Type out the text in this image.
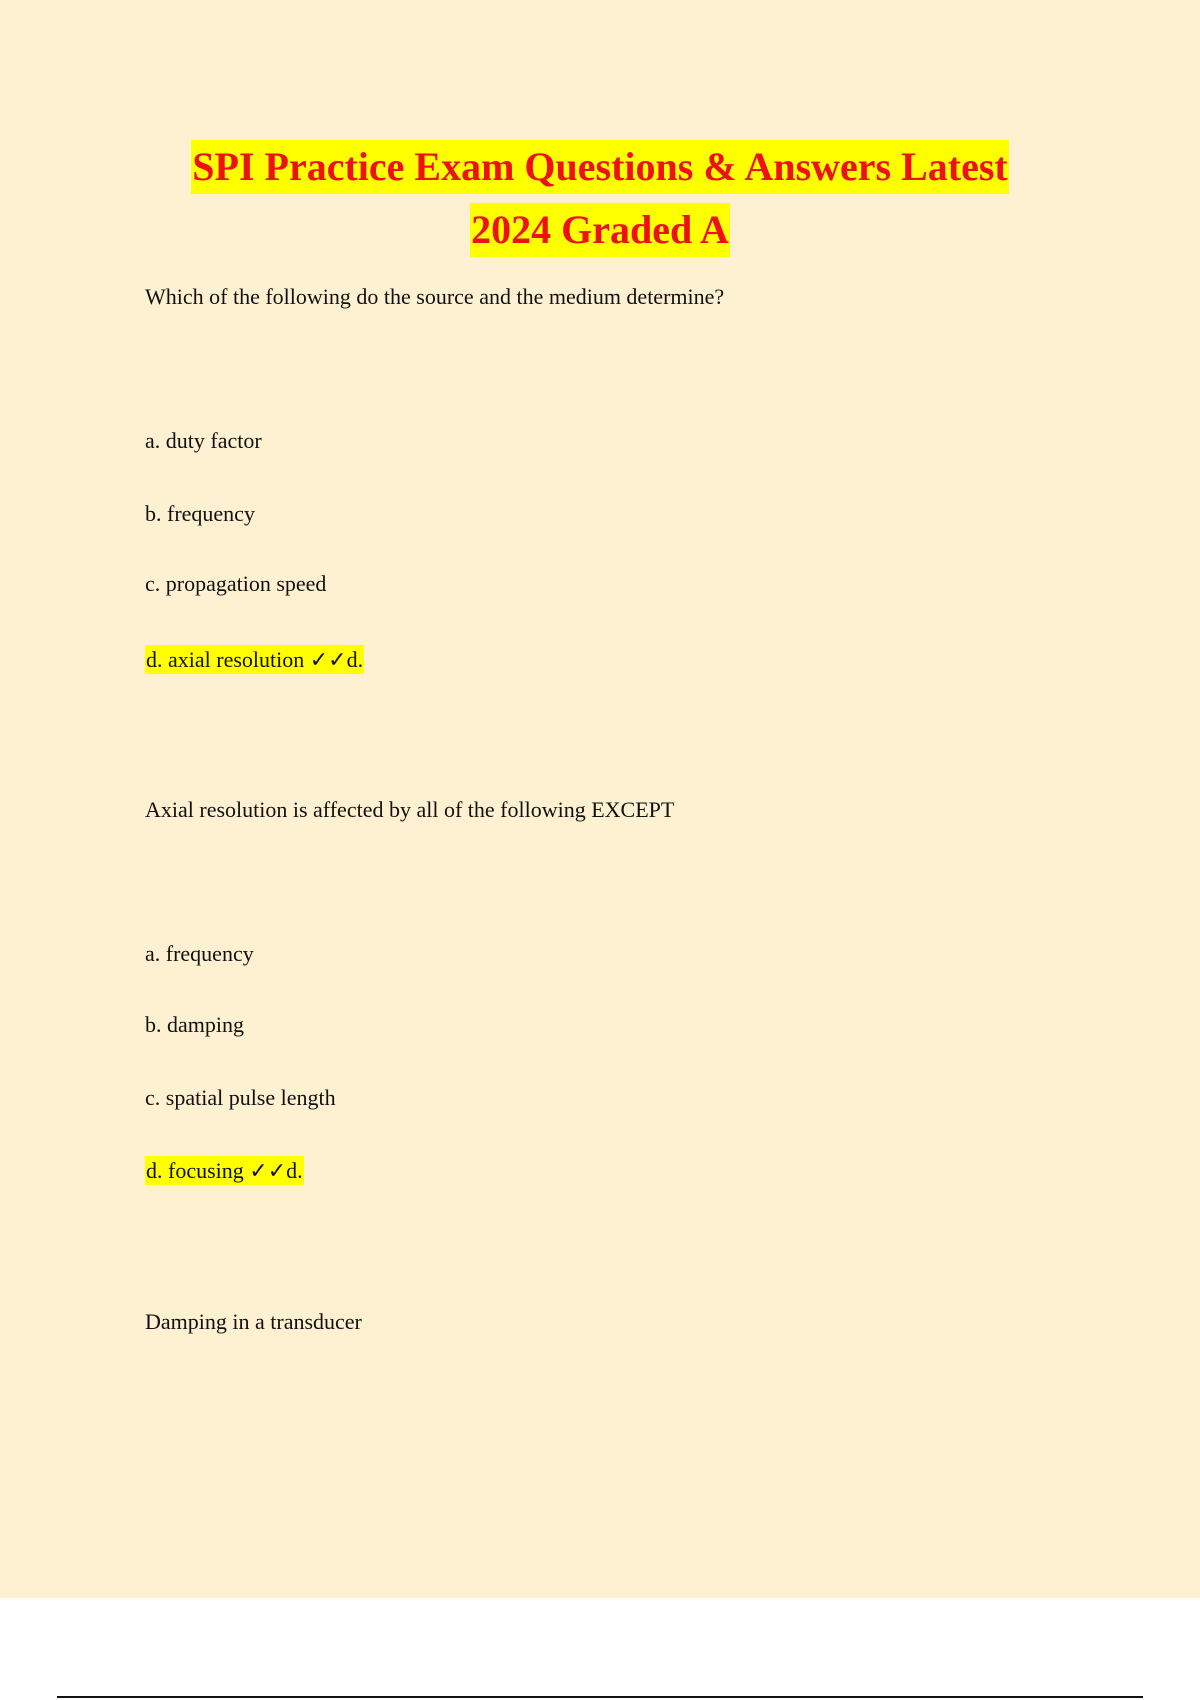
SPI Practice Exam Questions & Answers Latest
2024 Graded A
Which of the following do the source and the medium determine?
a. duty factor
b. frequency
c. propagation speed
d. axial resolution ✓✓d.
Axial resolution is affected by all of the following EXCEPT
a. frequency
b. damping
c. spatial pulse length
d. focusing ✓✓d.
Damping in a transducer
